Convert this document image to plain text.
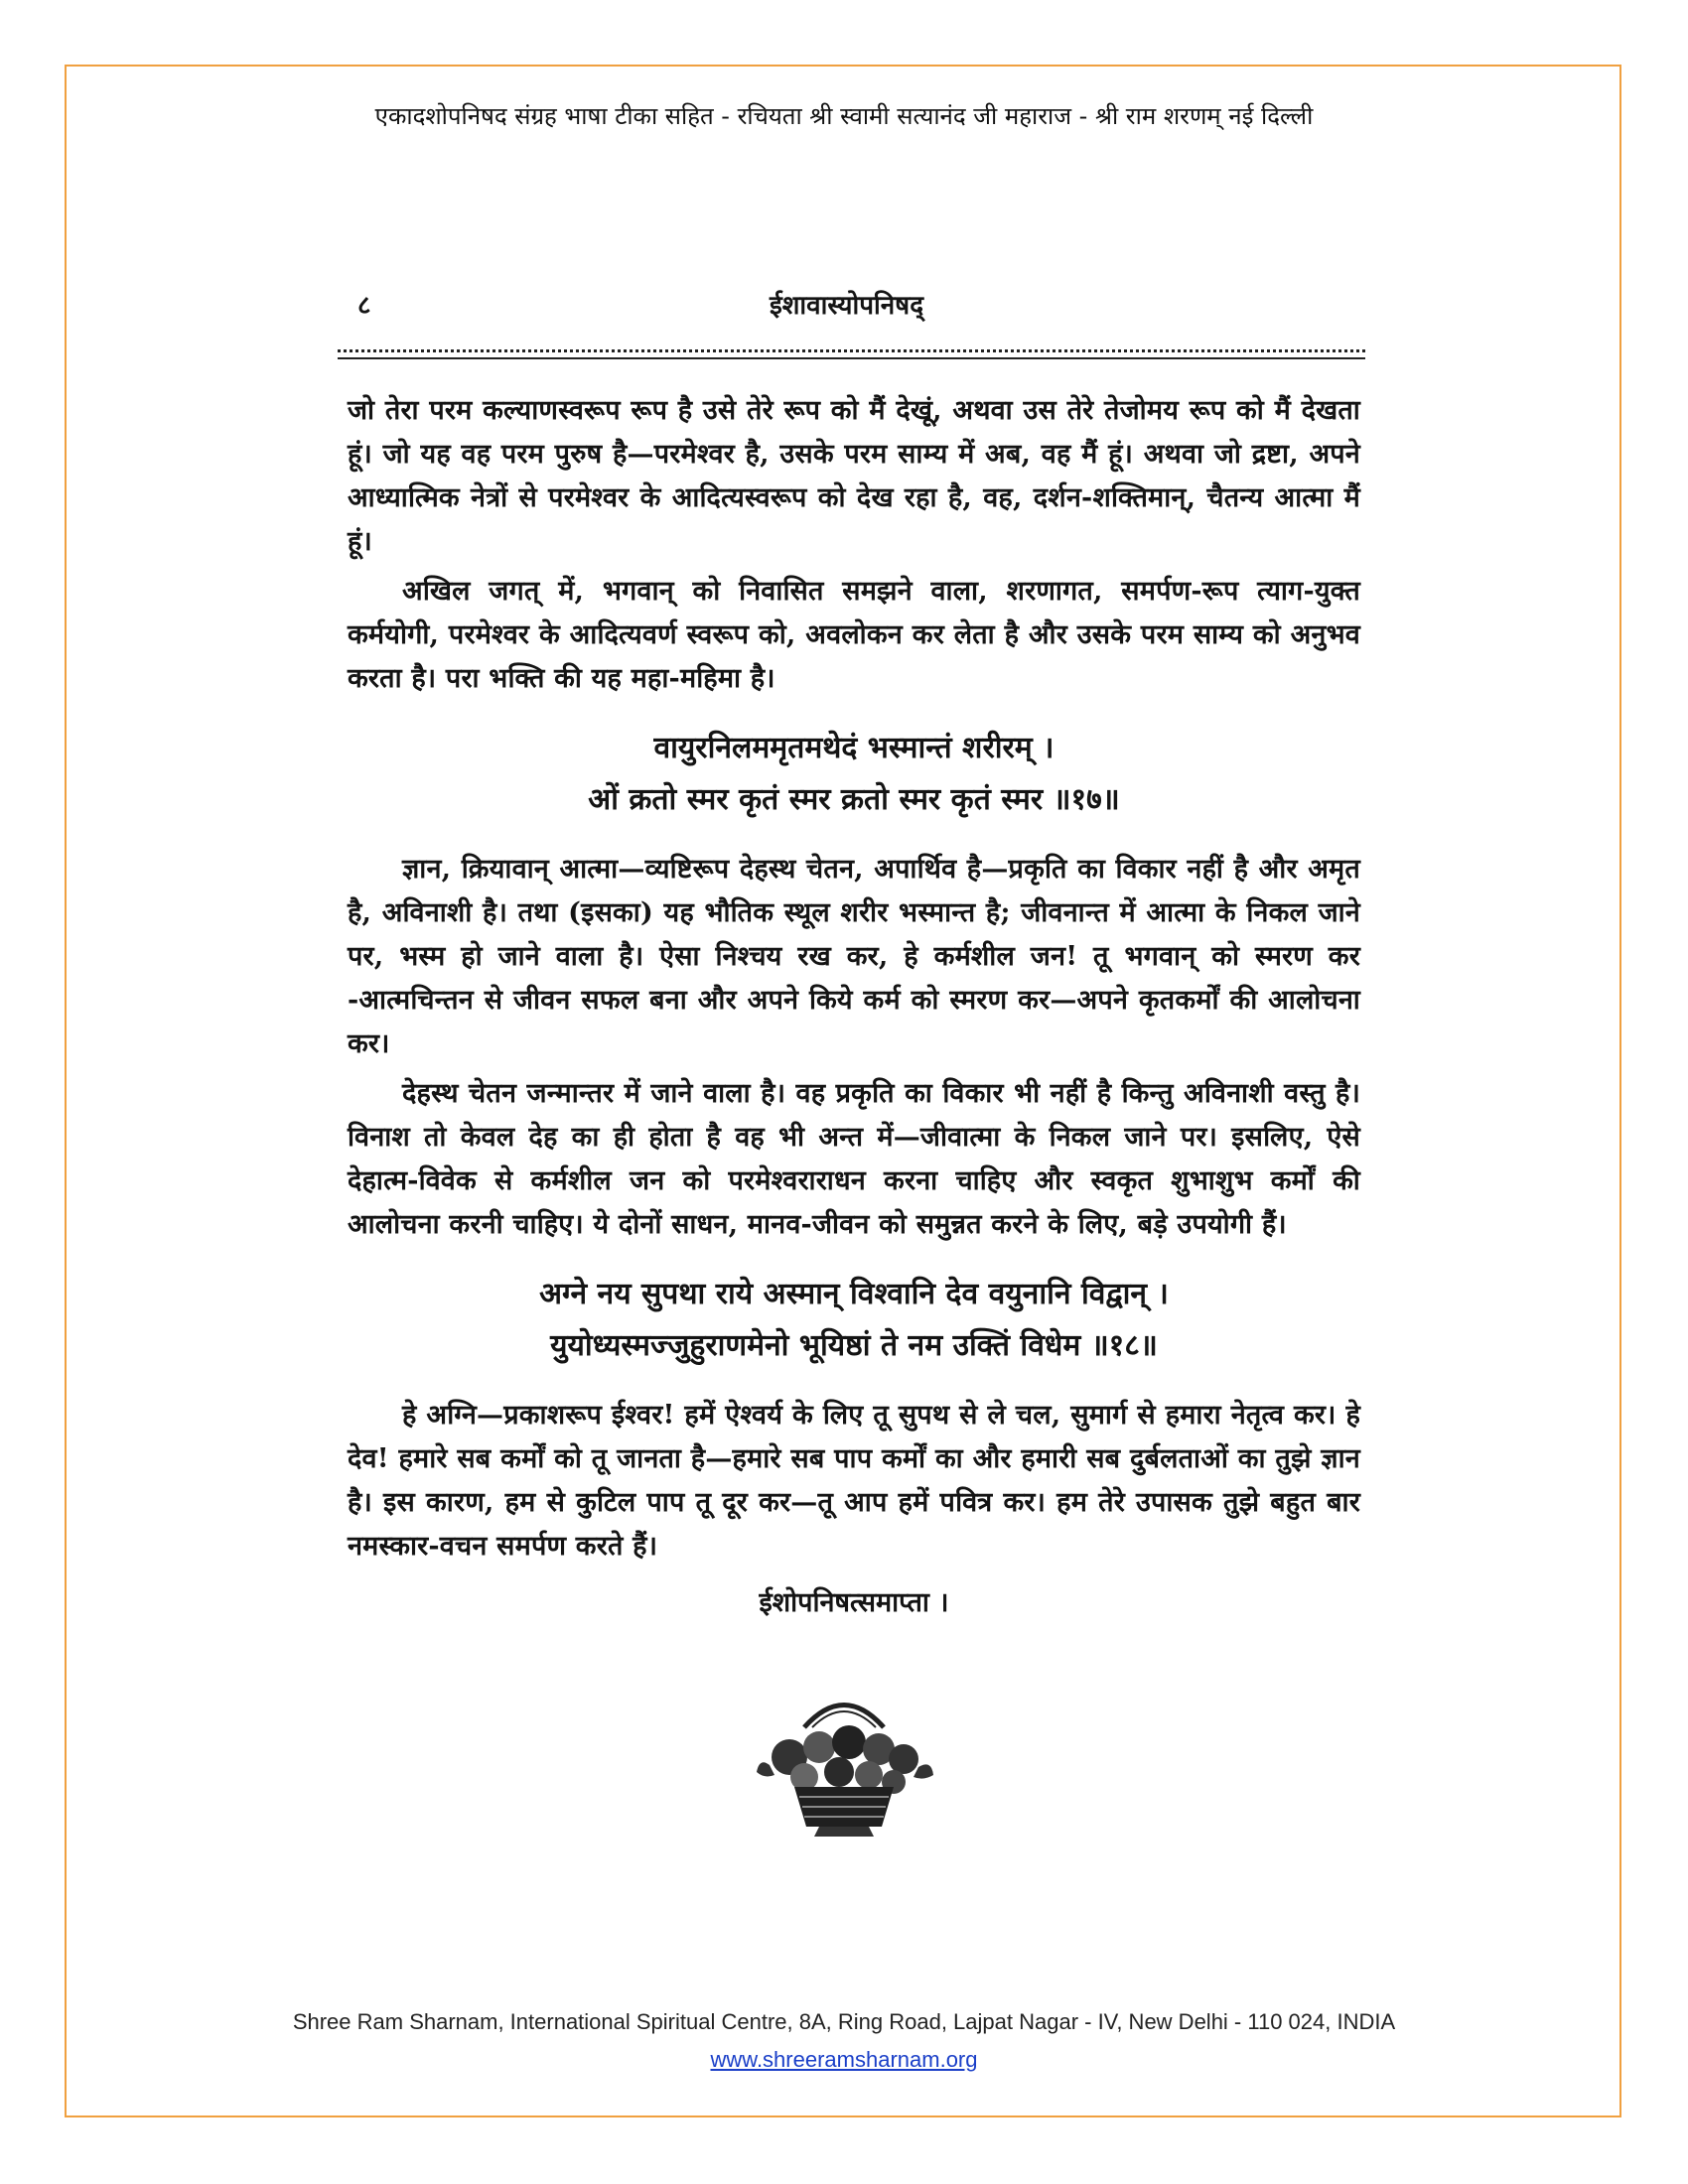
एकादशोपनिषद संग्रह भाषा टीका सहित - रचियता श्री स्वामी सत्यानंद जी महाराज - श्री राम शरणम् नई दिल्ली
८	ईशावास्योपनिषद्

जो तेरा परम कल्याणस्वरूप रूप है उसे तेरे रूप को मैं देखूं, अथवा उस तेरे तेजोमय रूप को मैं देखता हूं। जो यह वह परम पुरुष है—परमेश्वर है, उसके परम साम्य में अब, वह मैं हूं। अथवा जो द्रष्टा, अपने आध्यात्मिक नेत्रों से परमेश्वर के आदित्यस्वरूप को देख रहा है, वह, दर्शन-शक्तिमान्, चैतन्य आत्मा मैं हूं।

अखिल जगत् में, भगवान् को निवासित समझने वाला, शरणागत, समर्पण-रूप त्याग-युक्त कर्मयोगी, परमेश्वर के आदित्यवर्ण स्वरूप को, अवलोकन कर लेता है और उसके परम साम्य को अनुभव करता है। परा भक्ति की यह महा-महिमा है।

वायुरनिलममृतमथेदं भस्मान्तं शरीरम् ।
ओं क्रतो स्मर कृतं स्मर क्रतो स्मर कृतं स्मर ॥१७॥

ज्ञान, क्रियावान् आत्मा—व्यष्टिरूप देहस्थ चेतन, अपार्थिव है—प्रकृति का विकार नहीं है और अमृत है, अविनाशी है। तथा (इसका) यह भौतिक स्थूल शरीर भस्मान्त है; जीवनान्त में आत्मा के निकल जाने पर, भस्म हो जाने वाला है। ऐसा निश्चय रख कर, हे कर्मशील जन! तू भगवान् को स्मरण कर -आत्मचिन्तन से जीवन सफल बना और अपने किये कर्म को स्मरण कर—अपने कृतकर्मों की आलोचना कर।

देहस्थ चेतन जन्मान्तर में जाने वाला है। वह प्रकृति का विकार भी नहीं है किन्तु अविनाशी वस्तु है। विनाश तो केवल देह का ही होता है वह भी अन्त में—जीवात्मा के निकल जाने पर। इसलिए, ऐसे देहात्म-विवेक से कर्मशील जन को परमेश्वराराधन करना चाहिए और स्वकृत शुभाशुभ कर्मों की आलोचना करनी चाहिए। ये दोनों साधन, मानव-जीवन को समुन्नत करने के लिए, बड़े उपयोगी हैं।

अग्ने नय सुपथा राये अस्मान् विश्वानि देव वयुनानि विद्वान् ।
युयोध्यस्मज्जुहुराणमेनो भूयिष्ठां ते नम उक्तिं विधेम ॥१८॥

हे अग्नि—प्रकाशरूप ईश्वर! हमें ऐश्वर्य के लिए तू सुपथ से ले चल, सुमार्ग से हमारा नेतृत्व कर। हे देव! हमारे सब कर्मों को तू जानता है—हमारे सब पाप कर्मों का और हमारी सब दुर्बलताओं का तुझे ज्ञान है। इस कारण, हम से कुटिल पाप तू दूर कर—तू आप हमें पवित्र कर। हम तेरे उपासक तुझे बहुत बार नमस्कार-वचन समर्पण करते हैं।

ईशोपनिषत्समाप्ता ।
Shree Ram Sharnam, International Spiritual Centre, 8A, Ring Road, Lajpat Nagar - IV, New Delhi - 110 024, INDIA
www.shreeramsharnam.org
